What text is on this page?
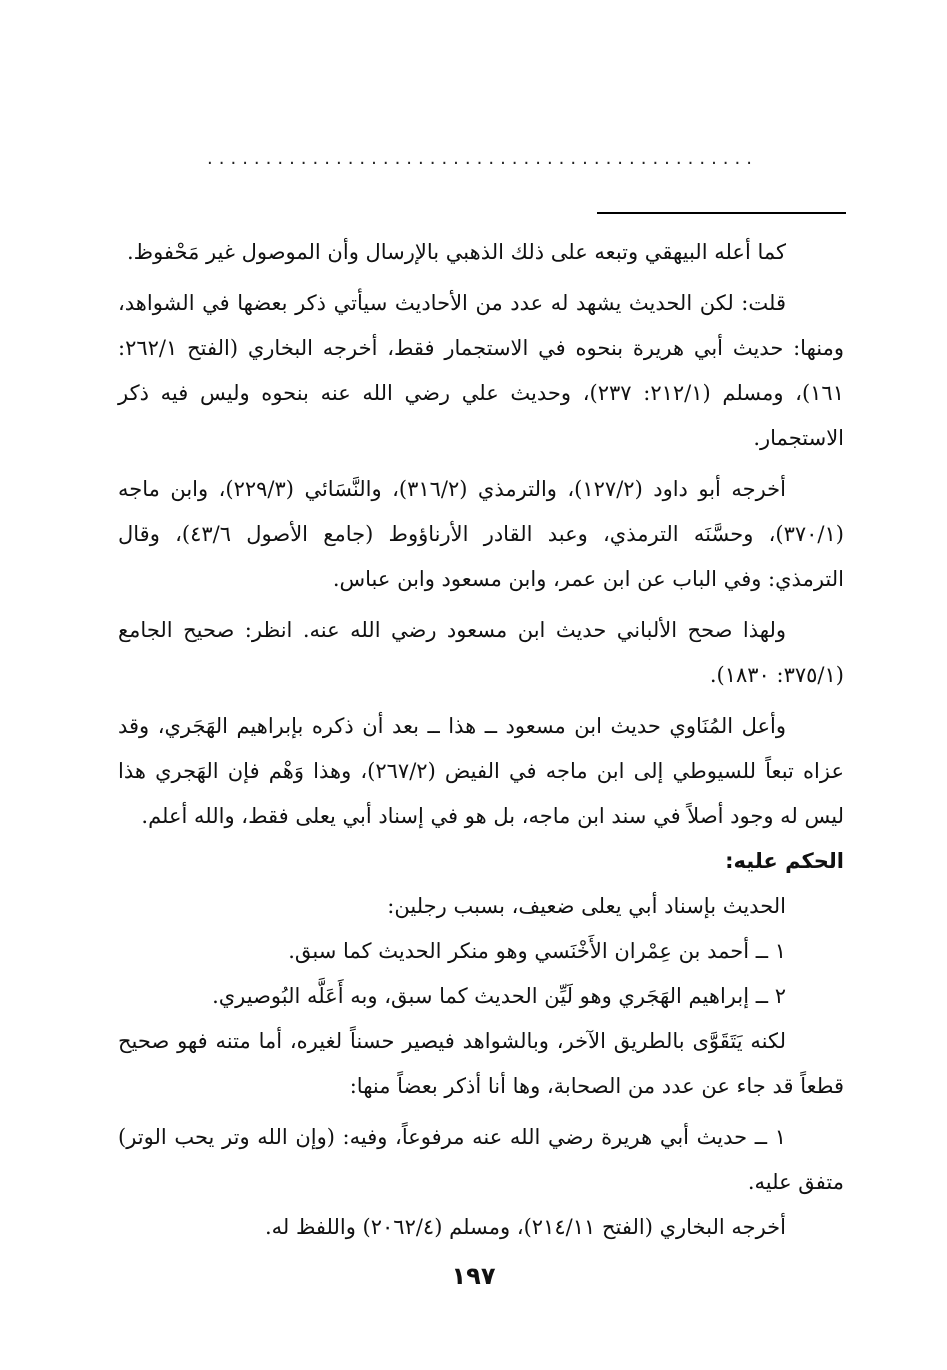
...............................................

كما أعله البيهقي وتبعه على ذلك الذهبي بالإرسال وأن الموصول غير مَحْفوظ.

قلت: لكن الحديث يشهد له عدد من الأحاديث سيأتي ذكر بعضها في الشواهد، ومنها: حديث أبي هريرة بنحوه في الاستجمار فقط، أخرجه البخاري (الفتح ٢٦٢/١: ١٦١)، ومسلم (٢١٢/١: ٢٣٧)، وحديث علي رضي الله عنه بنحوه وليس فيه ذكر الاستجمار.

أخرجه أبو داود (١٢٧/٢)، والترمذي (٣١٦/٢)، والنَّسَائي (٢٢٩/٣)، وابن ماجه (٣٧٠/١)، وحسَّنَه الترمذي، وعبد القادر الأرناؤوط (جامع الأصول ٤٣/٦)، وقال الترمذي: وفي الباب عن ابن عمر، وابن مسعود وابن عباس.

ولهذا صحح الألباني حديث ابن مسعود رضي الله عنه. انظر: صحيح الجامع (٣٧٥/١: ١٨٣٠).

وأعل المُنَاوي حديث ابن مسعود ــ هذا ــ بعد أن ذكره بإبراهيم الهَجَري، وقد عزاه تبعاً للسيوطي إلى ابن ماجه في الفيض (٢٦٧/٢)، وهذا وَهْم فإن الهَجري هذا ليس له وجود أصلاً في سند ابن ماجه، بل هو في إسناد أبي يعلى فقط، والله أعلم.

الحكم عليه:

الحديث بإسناد أبي يعلى ضعيف، بسبب رجلين:

١ ــ أحمد بن عِمْران الأَخْنَسي وهو منكر الحديث كما سبق.

٢ ــ إبراهيم الهَجَري وهو لَيِّن الحديث كما سبق، وبه أَعَلَّه البُوصيري.

لكنه يَتَقَوَّى بالطريق الآخر، وبالشواهد فيصير حسناً لغيره، أما متنه فهو صحيح قطعاً قد جاء عن عدد من الصحابة، وها أنا أذكر بعضاً منها:

١ ــ حديث أبي هريرة رضي الله عنه مرفوعاً، وفيه: (وإن الله وتر يحب الوتر) متفق عليه.

أخرجه البخاري (الفتح ٢١٤/١١)، ومسلم (٢٠٦٢/٤) واللفظ له.

١٩٧
